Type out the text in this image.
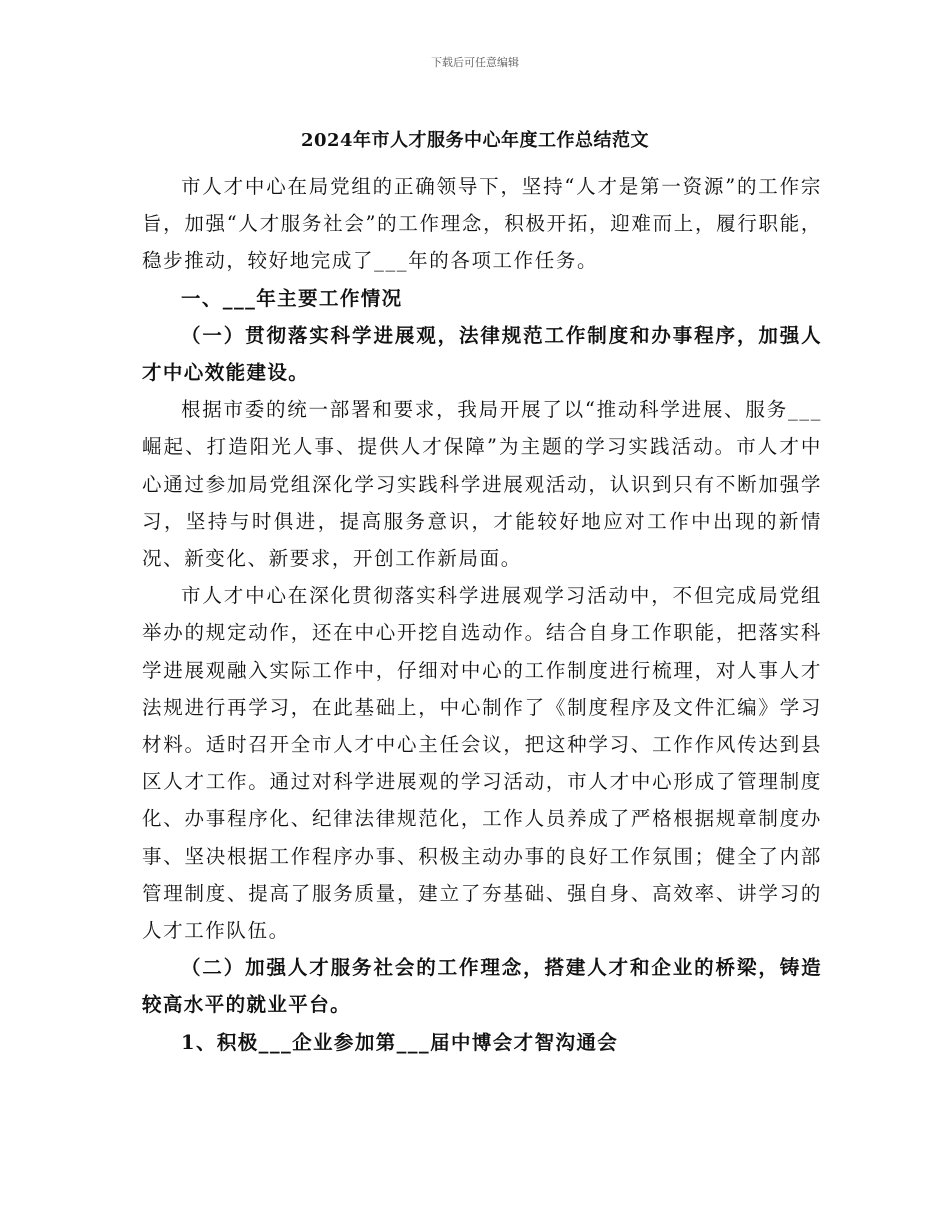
下载后可任意编辑
2024年市人才服务中心年度工作总结范文

市人才中心在局党组的正确领导下，坚持“人才是第一资源”的工作宗旨，加强“人才服务社会”的工作理念，积极开拓，迎难而上，履行职能，稳步推动，较好地完成了___年的各项工作任务。

一、___年主要工作情况

（一）贯彻落实科学进展观，法律规范工作制度和办事程序，加强人才中心效能建设。

根据市委的统一部署和要求，我局开展了以“推动科学进展、服务___崛起、打造阳光人事、提供人才保障”为主题的学习实践活动。市人才中心通过参加局党组深化学习实践科学进展观活动，认识到只有不断加强学习，坚持与时俱进，提高服务意识，才能较好地应对工作中出现的新情况、新变化、新要求，开创工作新局面。

市人才中心在深化贯彻落实科学进展观学习活动中，不但完成局党组举办的规定动作，还在中心开挖自选动作。结合自身工作职能，把落实科学进展观融入实际工作中，仔细对中心的工作制度进行梳理，对人事人才法规进行再学习，在此基础上，中心制作了《制度程序及文件汇编》学习材料。适时召开全市人才中心主任会议，把这种学习、工作作风传达到县区人才工作。通过对科学进展观的学习活动，市人才中心形成了管理制度化、办事程序化、纪律法律规范化，工作人员养成了严格根据规章制度办事、坚决根据工作程序办事、积极主动办事的良好工作氛围；健全了内部管理制度、提高了服务质量，建立了夯基础、强自身、高效率、讲学习的人才工作队伍。

（二）加强人才服务社会的工作理念，搭建人才和企业的桥梁，铸造较高水平的就业平台。

1、积极___企业参加第___届中博会才智沟通会
